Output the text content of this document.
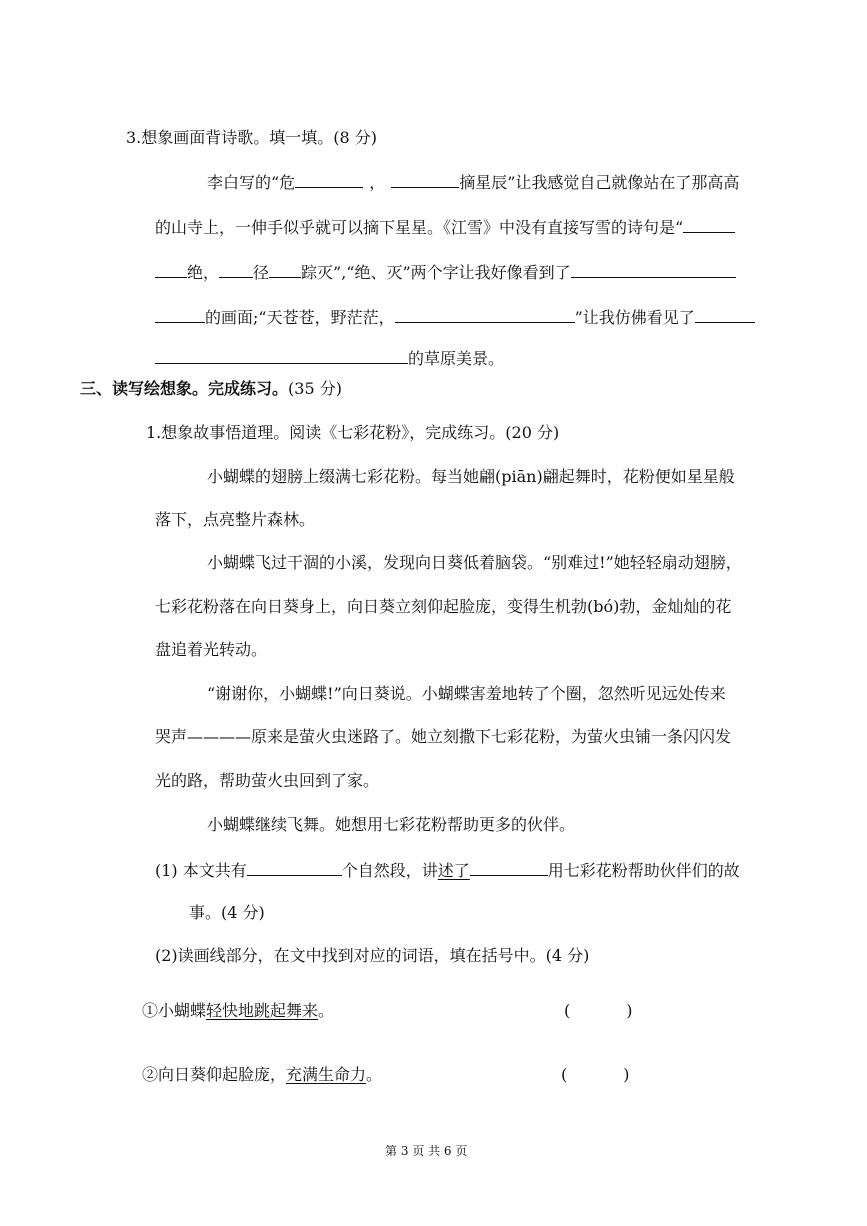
3.想象画面背诗歌。填一填。(8 分)
李白写的“危	，	摘星辰”让我感觉自己就像站在了那高高
的山寺上，一伸手似乎就可以摘下星星。《江雪》中没有直接写雪的诗句是“
绝， 径 踪灭”,“绝、灭”两个字让我好像看到了
的画面;“天苍苍，野茫茫，	”让我仿佛看见了
的草原美景。
三、读写绘想象。完成练习。(35 分)
1.想象故事悟道理。阅读《七彩花粉》，完成练习。(20 分)
小蝴蝶的翅膀上缀满七彩花粉。每当她翩(piān)翩起舞时，花粉便如星星般
落下，点亮整片森林。
小蝴蝶飞过干涸的小溪，发现向日葵低着脑袋。“别难过!”她轻轻扇动翅膀，
七彩花粉落在向日葵身上，向日葵立刻仰起脸庞，变得生机勃(bó)勃，金灿灿的花
盘追着光转动。
“谢谢你，小蝴蝶!”向日葵说。小蝴蝶害羞地转了个圈，忽然听见远处传来
哭声————原来是萤火虫迷路了。她立刻撒下七彩花粉，为萤火虫铺一条闪闪发
光的路，帮助萤火虫回到了家。
小蝴蝶继续飞舞。她想用七彩花粉帮助更多的伙伴。
(1) 本文共有	个自然段，讲述了	用七彩花粉帮助伙伴们的故
事。(4 分)
(2)读画线部分，在文中找到对应的词语，填在括号中。(4 分)
①小蝴蝶轻快地跳起舞来。	(	)
②向日葵仰起脸庞，充满生命力。	(	)
第 3 页 共 6 页
